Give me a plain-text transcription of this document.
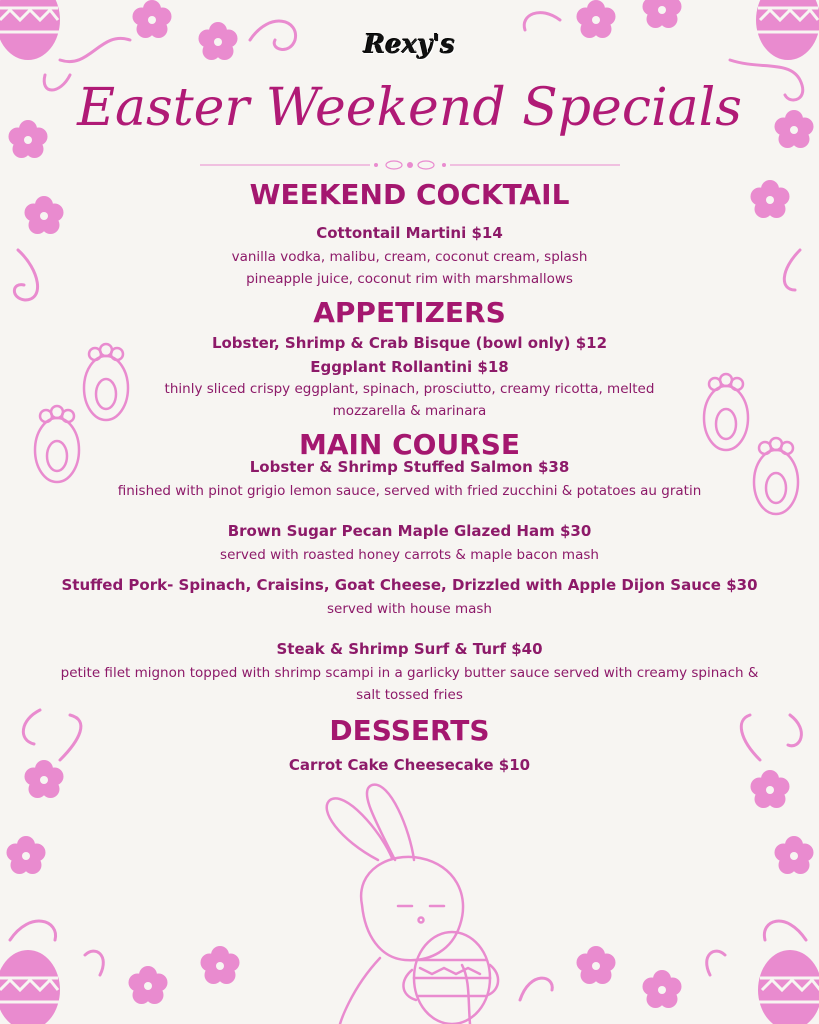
Rexy's
Easter Weekend Specials
WEEKEND COCKTAIL
Cottontail Martini $14
vanilla vodka, malibu, cream, coconut cream, splash
pineapple juice, coconut rim with marshmallows
APPETIZERS
Lobster, Shrimp & Crab Bisque (bowl only) $12
Eggplant Rollantini $18
thinly sliced crispy eggplant, spinach, prosciutto, creamy ricotta, melted
mozzarella & marinara
MAIN COURSE
Lobster & Shrimp Stuffed Salmon $38
finished with pinot grigio lemon sauce, served with fried zucchini & potatoes au gratin
Brown Sugar Pecan Maple Glazed Ham $30
served with roasted honey carrots & maple bacon mash
Stuffed Pork- Spinach, Craisins, Goat Cheese, Drizzled with Apple Dijon Sauce $30
served with house mash
Steak & Shrimp Surf & Turf $40
petite filet mignon topped with shrimp scampi in a garlicky butter sauce served with creamy spinach &
salt tossed fries
DESSERTS
Carrot Cake Cheesecake $10
